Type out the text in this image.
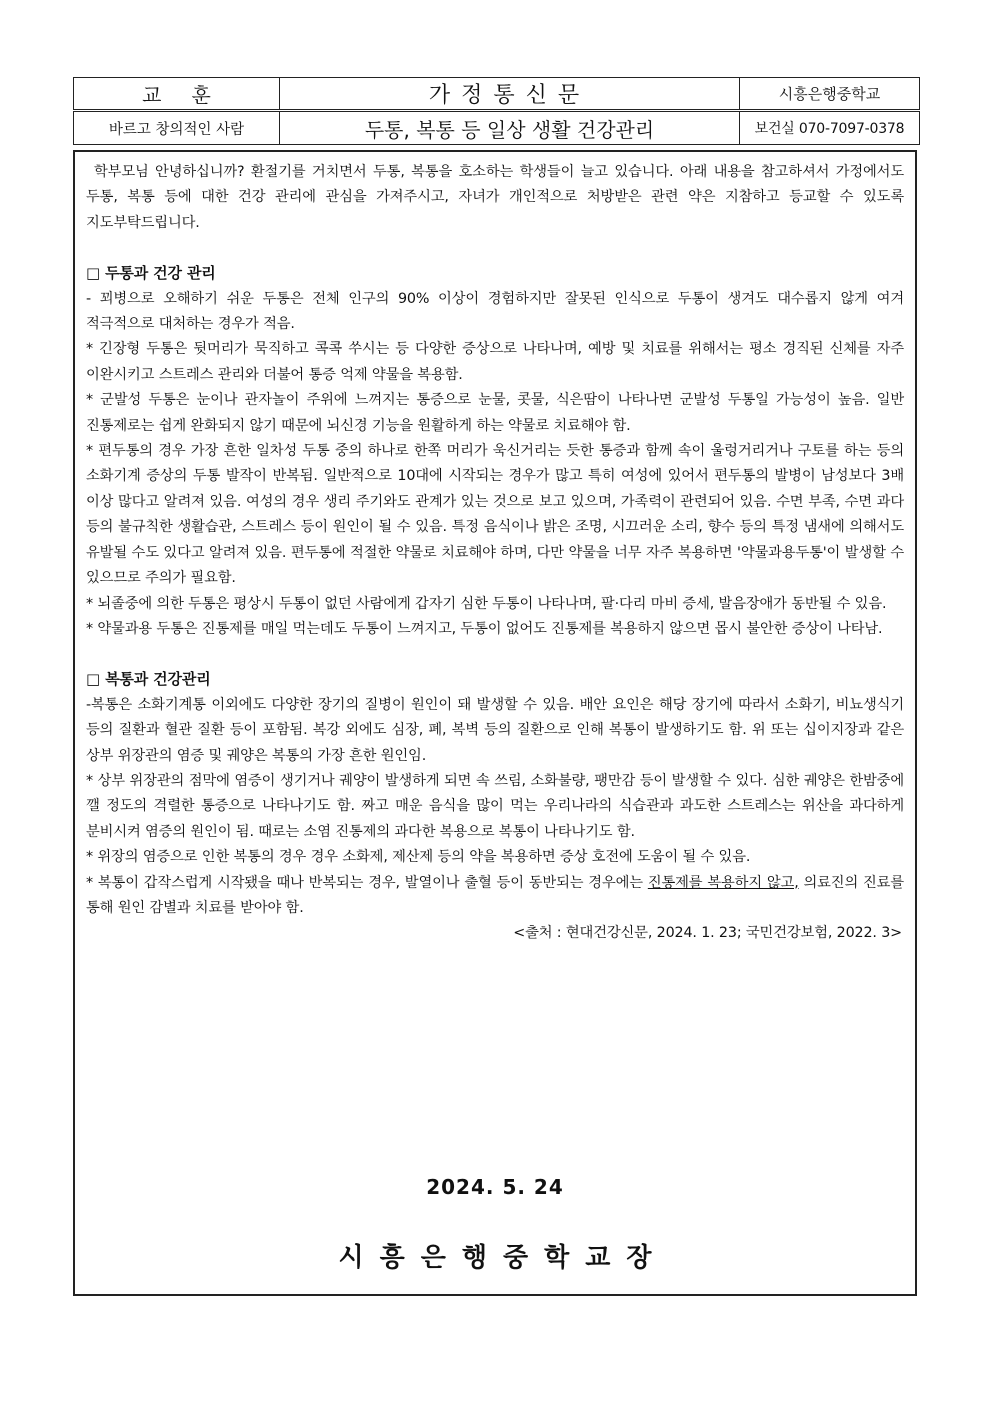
교훈	가정통신문	시흥은행중학교
바르고 창의적인 사람	두통, 복통 등 일상 생활 건강관리	보건실 070-7097-0378

학부모님 안녕하십니까? 환절기를 거치면서 두통, 복통을 호소하는 학생들이 늘고 있습니다. 아래 내용을 참고하셔서 가정에서도 두통, 복통 등에 대한 건강 관리에 관심을 가져주시고, 자녀가 개인적으로 처방받은 관련 약은 지참하고 등교할 수 있도록 지도부탁드립니다.

□ 두통과 건강 관리

- 꾀병으로 오해하기 쉬운 두통은 전체 인구의 90% 이상이 경험하지만 잘못된 인식으로 두통이 생겨도 대수롭지 않게 여겨 적극적으로 대처하는 경우가 적음.

* 긴장형 두통은 뒷머리가 묵직하고 콕콕 쑤시는 등 다양한 증상으로 나타나며, 예방 및 치료를 위해서는 평소 경직된 신체를 자주 이완시키고 스트레스 관리와 더불어 통증 억제 약물을 복용함.

* 군발성 두통은 눈이나 관자놀이 주위에 느껴지는 통증으로 눈물, 콧물, 식은땀이 나타나면 군발성 두통일 가능성이 높음. 일반 진통제로는 쉽게 완화되지 않기 때문에 뇌신경 기능을 원활하게 하는 약물로 치료해야 함.

* 편두통의 경우 가장 흔한 일차성 두통 중의 하나로 한쪽 머리가 욱신거리는 듯한 통증과 함께 속이 울렁거리거나 구토를 하는 등의 소화기계 증상의 두통 발작이 반복됨. 일반적으로 10대에 시작되는 경우가 많고 특히 여성에 있어서 편두통의 발병이 남성보다 3배 이상 많다고 알려져 있음. 여성의 경우 생리 주기와도 관계가 있는 것으로 보고 있으며, 가족력이 관련되어 있음. 수면 부족, 수면 과다 등의 불규칙한 생활습관, 스트레스 등이 원인이 될 수 있음. 특정 음식이나 밝은 조명, 시끄러운 소리, 향수 등의 특정 냄새에 의해서도 유발될 수도 있다고 알려져 있음. 편두통에 적절한 약물로 치료해야 하며, 다만 약물을 너무 자주 복용하면 '약물과용두통'이 발생할 수 있으므로 주의가 필요함.

* 뇌졸중에 의한 두통은 평상시 두통이 없던 사람에게 갑자기 심한 두통이 나타나며, 팔·다리 마비 증세, 발음장애가 동반될 수 있음.

* 약물과용 두통은 진통제를 매일 먹는데도 두통이 느껴지고, 두통이 없어도 진통제를 복용하지 않으면 몹시 불안한 증상이 나타남.

□ 복통과 건강관리

-복통은 소화기계통 이외에도 다양한 장기의 질병이 원인이 돼 발생할 수 있음. 배안 요인은 해당 장기에 따라서 소화기, 비뇨생식기 등의 질환과 혈관 질환 등이 포함됨. 복강 외에도 심장, 폐, 복벽 등의 질환으로 인해 복통이 발생하기도 함. 위 또는 십이지장과 같은 상부 위장관의 염증 및 궤양은 복통의 가장 흔한 원인임.

* 상부 위장관의 점막에 염증이 생기거나 궤양이 발생하게 되면 속 쓰림, 소화불량, 팽만감 등이 발생할 수 있다. 심한 궤양은 한밤중에 깰 정도의 격렬한 통증으로 나타나기도 함. 짜고 매운 음식을 많이 먹는 우리나라의 식습관과 과도한 스트레스는 위산을 과다하게 분비시켜 염증의 원인이 됨. 때로는 소염 진통제의 과다한 복용으로 복통이 나타나기도 함.

* 위장의 염증으로 인한 복통의 경우 경우 소화제, 제산제 등의 약을 복용하면 증상 호전에 도움이 될 수 있음.

* 복통이 갑작스럽게 시작됐을 때나 반복되는 경우, 발열이나 출혈 등이 동반되는 경우에는 진통제를 복용하지 않고, 의료진의 진료를 통해 원인 감별과 치료를 받아야 함.

<출처 : 현대건강신문, 2024. 1. 23; 국민건강보험, 2022. 3>

2024. 5. 24
시흥은행중학교장
